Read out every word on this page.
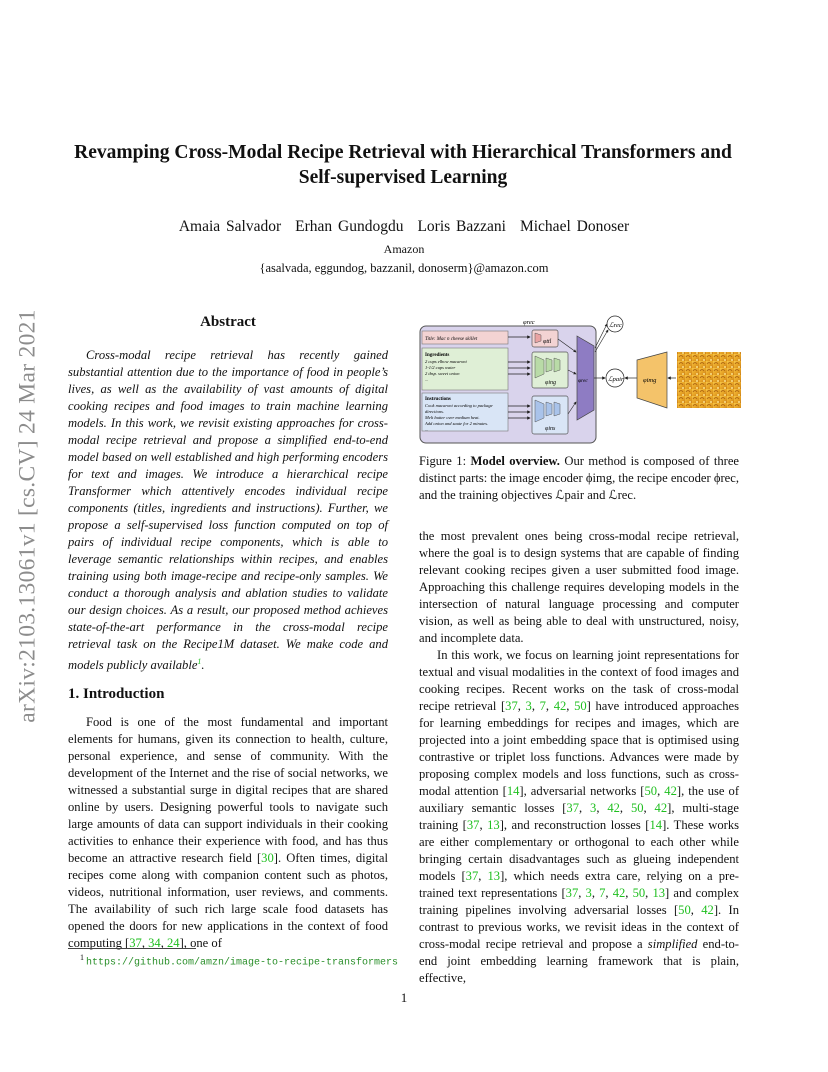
arXiv:2103.13061v1 [cs.CV] 24 Mar 2021
Revamping Cross-Modal Recipe Retrieval with Hierarchical Transformers and
Self-supervised Learning
Amaia Salvador Erhan Gundogdu Loris Bazzani Michael Donoser
Amazon
{asalvada, eggundog, bazzanil, donoserm}@amazon.com
Abstract

Cross-modal recipe retrieval has recently gained substantial attention due to the importance of food in people’s lives, as well as the availability of vast amounts of digital cooking recipes and food images to train machine learning models. In this work, we revisit existing approaches for cross-modal recipe retrieval and propose a simplified end-to-end model based on well established and high performing encoders for text and images. We introduce a hierarchical recipe Transformer which attentively encodes individual recipe components (titles, ingredients and instructions). Further, we propose a self-supervised loss function computed on top of pairs of individual recipe components, which is able to leverage semantic relationships within recipes, and enables training using both image-recipe and recipe-only samples. We conduct a thorough analysis and ablation studies to validate our design choices. As a result, our proposed method achieves state-of-the-art performance in the cross-modal recipe retrieval task on the Recipe1M dataset. We make code and models publicly available$^1$.

1. Introduction

Food is one of the most fundamental and important elements for humans, given its connection to health, culture, personal experience, and sense of community. With the development of the Internet and the rise of social networks, we witnessed a substantial surge in digital recipes that are shared online by users. Designing powerful tools to navigate such large amounts of data can support individuals in their cooking activities to enhance their experience with food, and has thus become an attractive research field [30]. Often times, digital recipes come along with companion content such as photos, videos, nutritional information, user reviews, and comments. The availability of such rich large scale food datasets has opened the doors for new applications in the context of food computing [37, 34, 24], one of

$^1$ https://github.com/amzn/image-to-recipe-transformers
Title: Mac n cheese skillet
Ingredients
2 cups elbow macaroni
1-1/2 cups water
2 tbsp. sweet onion
...
Instructions
Cook macaroni according to package
directions.
Melt butter over medium heat.
Add onion and saute for 2 minutes.
...
φttl
φing
φins
φrec	ℒrec
φrec	ℒpair	φimg

Figure 1: Model overview. Our method is composed of three distinct parts: the image encoder ϕimg, the recipe encoder ϕrec, and the training objectives ℒpair and ℒrec.

the most prevalent ones being cross-modal recipe retrieval, where the goal is to design systems that are capable of finding relevant cooking recipes given a user submitted food image. Approaching this challenge requires developing models in the intersection of natural language processing and computer vision, as well as being able to deal with unstructured, noisy, and incomplete data.

In this work, we focus on learning joint representations for textual and visual modalities in the context of food images and cooking recipes. Recent works on the task of cross-modal recipe retrieval [37, 3, 7, 42, 50] have introduced approaches for learning embeddings for recipes and images, which are projected into a joint embedding space that is optimised using contrastive or triplet loss functions. Advances were made by proposing complex models and loss functions, such as cross-modal attention [14], adversarial networks [50, 42], the use of auxiliary semantic losses [37, 3, 42, 50, 42], multi-stage training [37, 13], and reconstruction losses [14]. These works are either complementary or orthogonal to each other while bringing certain disadvantages such as glueing independent models [37, 13], which needs extra care, relying on a pre-trained text representations [37, 3, 7, 42, 50, 13] and complex training pipelines involving adversarial losses [50, 42]. In contrast to previous works, we revisit ideas in the context of cross-modal recipe retrieval and propose a simplified end-to-end joint embedding learning framework that is plain, effective,

1
